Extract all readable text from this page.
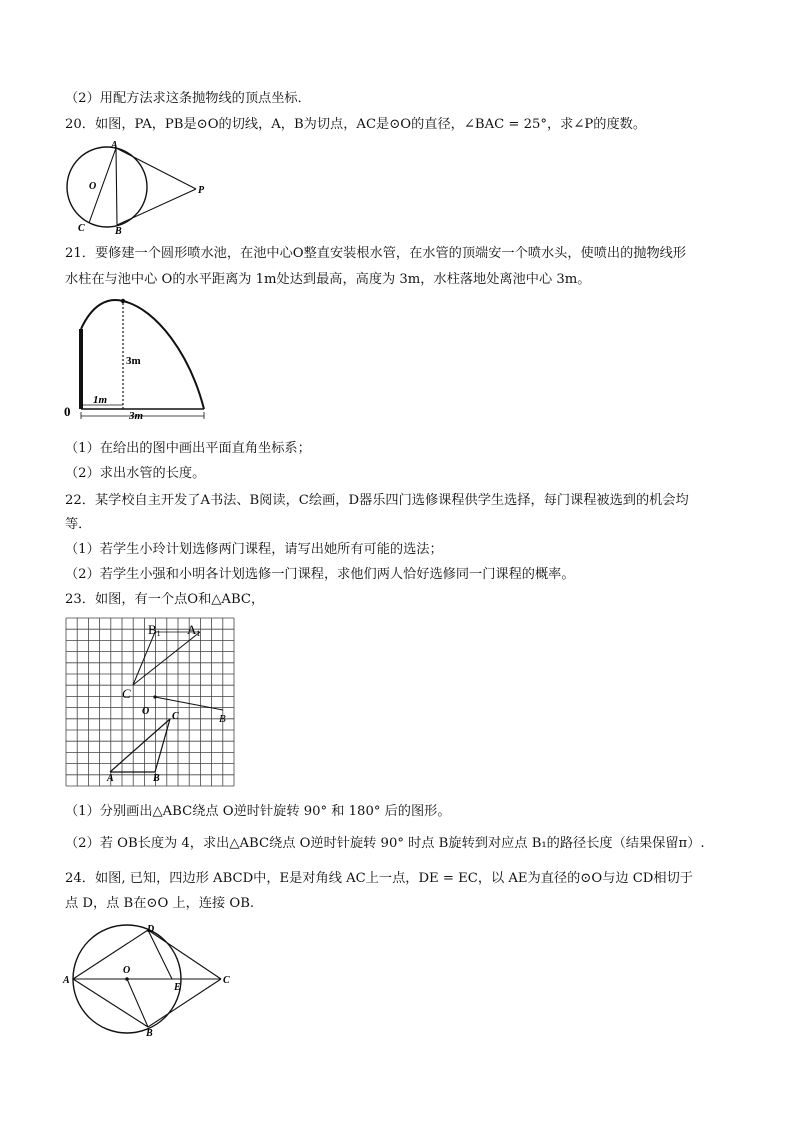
（2）用配方法求这条抛物线的顶点坐标．
20．如图，PA，PB是⊙O的切线，A，B为切点，AC是⊙O的直径，∠BAC = 25°，求∠P的度数。
A
O	P
C	B
21．要修建一个圆形喷水池，在池中心O整直安装根水管，在水管的顶端安一个喷水头，使喷出的抛物线形
水柱在与池中心 O的水平距离为 1m处达到最高，高度为 3m，水柱落地处离池中心 3m。
3m
1m
3m
0
（1）在给出的图中画出平面直角坐标系；
（2）求出水管的长度。
22．某学校自主开发了A书法、B阅读，C绘画，D器乐四门选修课程供学生选择，每门课程被选到的机会均
等．
（1）若学生小玲计划选修两门课程，请写出她所有可能的选法；
（2）若学生小强和小明各计划选修一门课程，求他们两人恰好选修同一门课程的概率。
23．如图，有一个点O和△ABC，
B1 A1
C
O C	B
A	B
（1）分别画出△ABC绕点 O逆时针旋转 90° 和 180° 后的图形。
（2）若 OB长度为 4，求出△ABC绕点 O逆时针旋转 90° 时点 B旋转到对应点 B₁的路径长度（结果保留π）.
24．如图, 已知，四边形 ABCD中，E是对角线 AC上一点，DE = EC，以 AE为直径的⊙O与边 CD相切于
点 D，点 B在⊙O 上，连接 OB.
A
O
D
E
C
B
